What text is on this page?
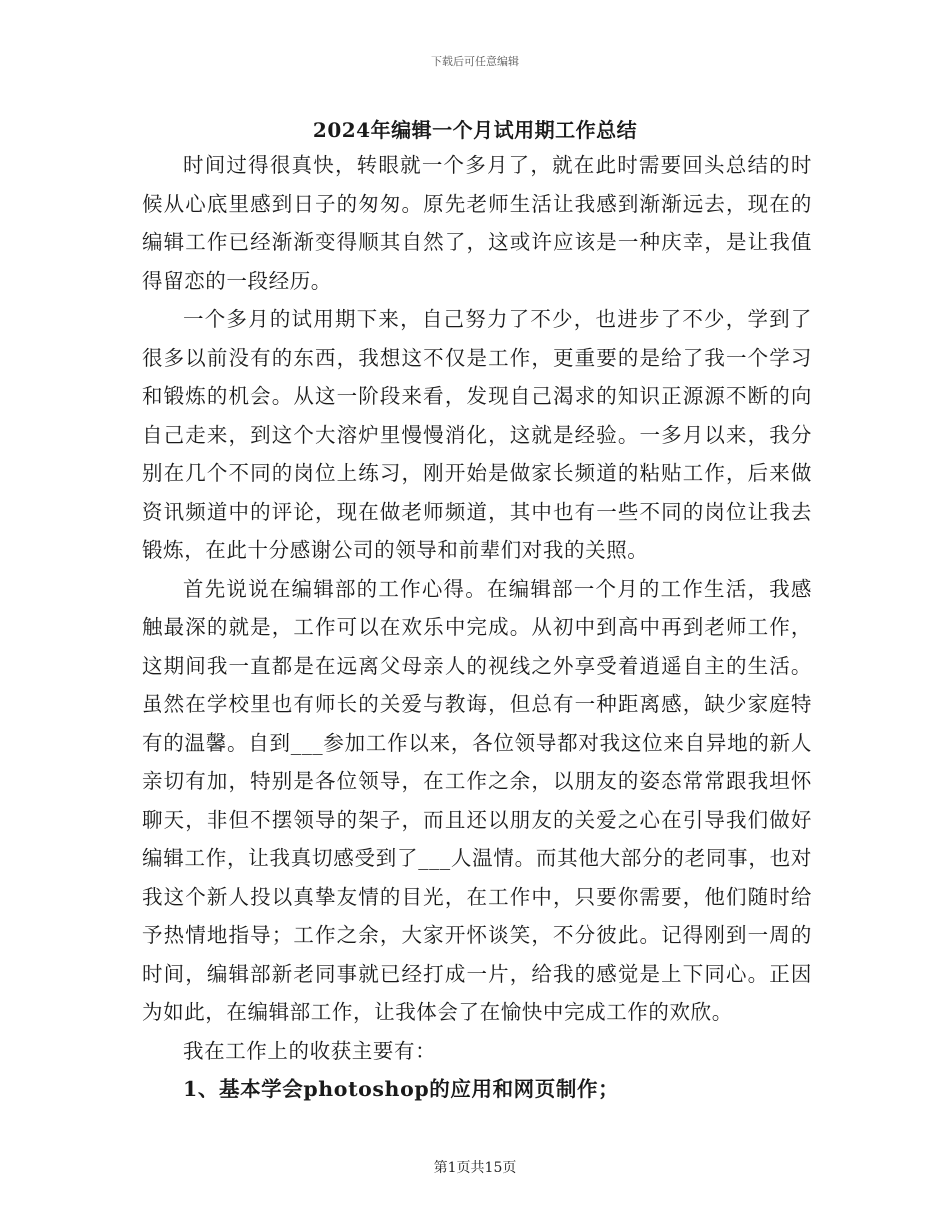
下载后可任意编辑
2024年编辑一个月试用期工作总结

时间过得很真快，转眼就一个多月了，就在此时需要回头总结的时候从心底里感到日子的匆匆。原先老师生活让我感到渐渐远去，现在的编辑工作已经渐渐变得顺其自然了，这或许应该是一种庆幸，是让我值得留恋的一段经历。

一个多月的试用期下来，自己努力了不少，也进步了不少，学到了很多以前没有的东西，我想这不仅是工作，更重要的是给了我一个学习和锻炼的机会。从这一阶段来看，发现自己渴求的知识正源源不断的向自己走来，到这个大溶炉里慢慢消化，这就是经验。一多月以来，我分别在几个不同的岗位上练习，刚开始是做家长频道的粘贴工作，后来做资讯频道中的评论，现在做老师频道，其中也有一些不同的岗位让我去锻炼，在此十分感谢公司的领导和前辈们对我的关照。

首先说说在编辑部的工作心得。在编辑部一个月的工作生活，我感触最深的就是，工作可以在欢乐中完成。从初中到高中再到老师工作，这期间我一直都是在远离父母亲人的视线之外享受着逍遥自主的生活。虽然在学校里也有师长的关爱与教诲，但总有一种距离感，缺少家庭特有的温馨。自到___参加工作以来，各位领导都对我这位来自异地的新人亲切有加，特别是各位领导，在工作之余，以朋友的姿态常常跟我坦怀聊天，非但不摆领导的架子，而且还以朋友的关爱之心在引导我们做好编辑工作，让我真切感受到了___人温情。而其他大部分的老同事，也对我这个新人投以真挚友情的目光，在工作中，只要你需要，他们随时给予热情地指导；工作之余，大家开怀谈笑，不分彼此。记得刚到一周的时间，编辑部新老同事就已经打成一片，给我的感觉是上下同心。正因为如此，在编辑部工作，让我体会了在愉快中完成工作的欢欣。

我在工作上的收获主要有：

1、基本学会photoshop的应用和网页制作；

第1页共15页
